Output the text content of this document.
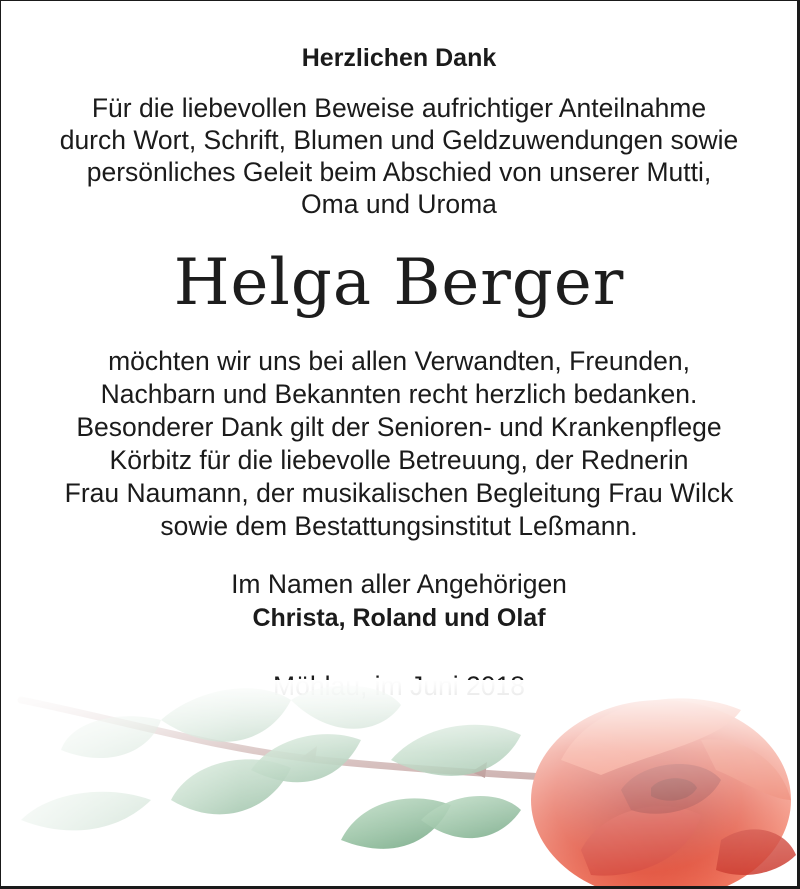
Herzlichen Dank

Für die liebevollen Beweise aufrichtiger Anteilnahme
durch Wort, Schrift, Blumen und Geldzuwendungen sowie
persönliches Geleit beim Abschied von unserer Mutti,
Oma und Uroma

Helga Berger

möchten wir uns bei allen Verwandten, Freunden,
Nachbarn und Bekannten recht herzlich bedanken.
Besonderer Dank gilt der Senioren- und Krankenpflege
Körbitz für die liebevolle Betreuung, der Rednerin
Frau Naumann, der musikalischen Begleitung Frau Wilck
sowie dem Bestattungsinstitut Leßmann.

Im Namen aller Angehörigen
Christa, Roland und Olaf
